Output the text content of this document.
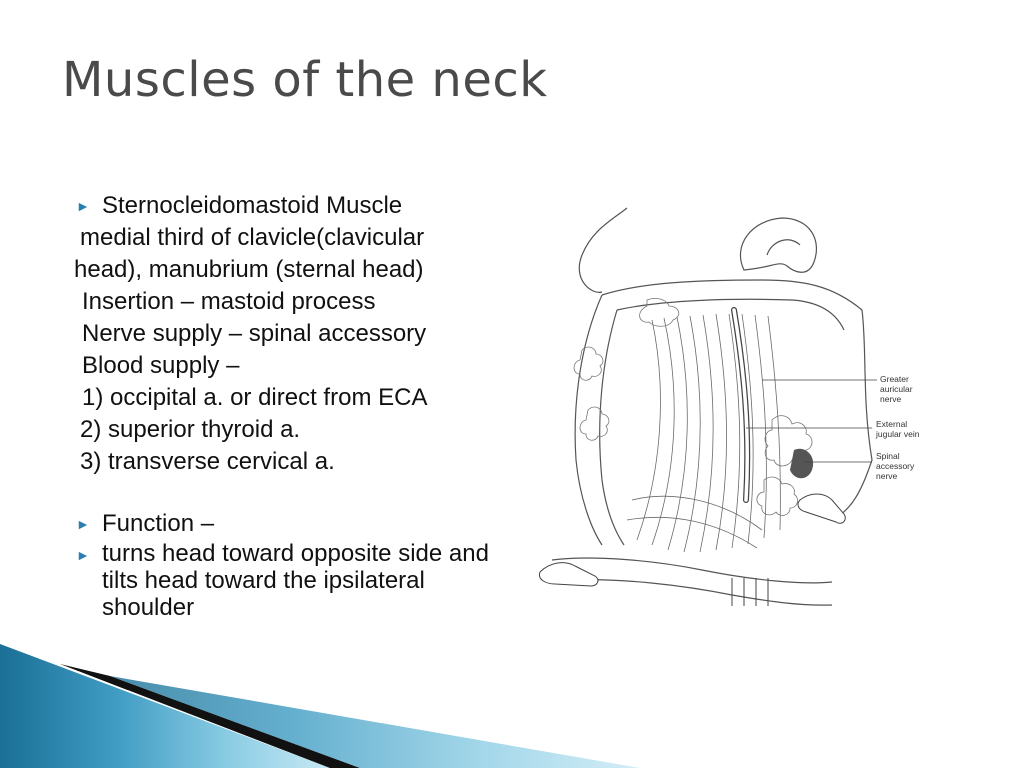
Muscles of the neck
► Sternocleidomastoid Muscle
medial third of clavicle(clavicular
head), manubrium (sternal head)
Insertion – mastoid process
Nerve supply – spinal accessory
Blood supply –
1) occipital a. or direct from ECA
2) superior thyroid a.
3) transverse cervical a.
► Function –
► turns head toward opposite side and tilts head toward the ipsilateral shoulder
Greater
auricular
nerve
External
jugular vein
Spinal
accessory
nerve
